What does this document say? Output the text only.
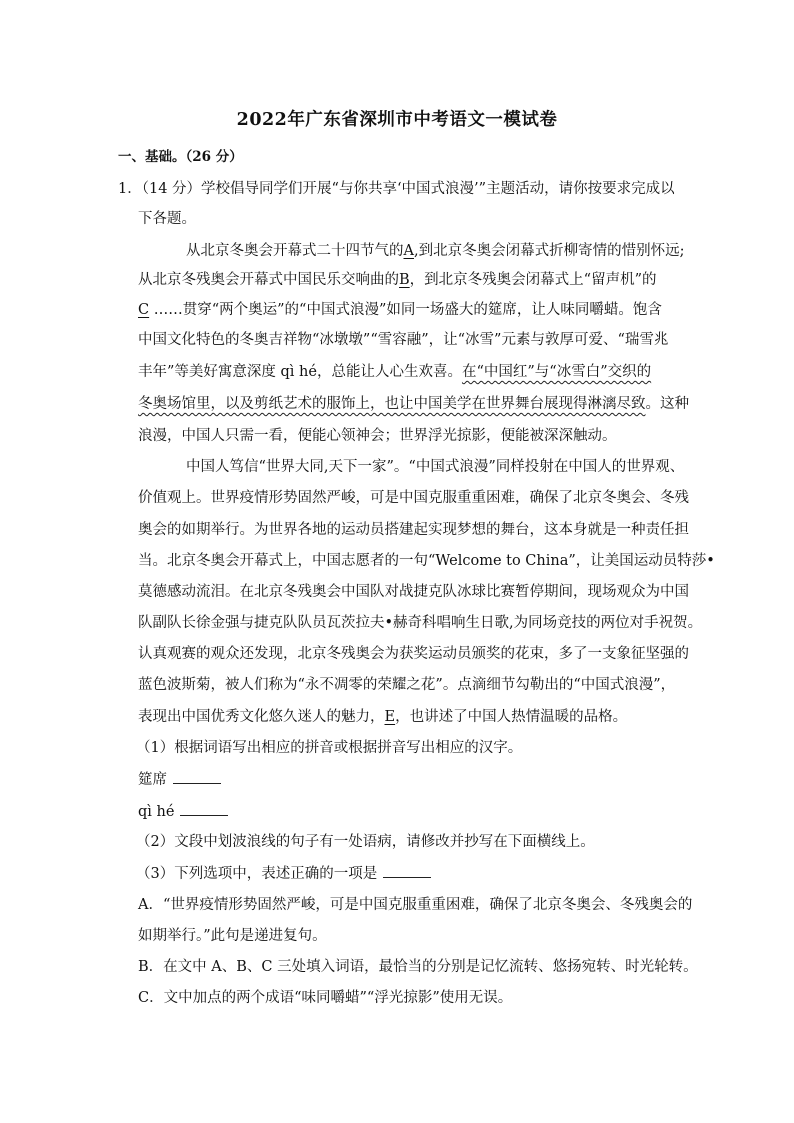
2022年广东省深圳市中考语文一模试卷
一、基础。（26 分）
1．（14 分）学校倡导同学们开展“与你共享‘中国式浪漫’”主题活动，请你按要求完成以
下各题。
从北京冬奥会开幕式二十四节气的A,到北京冬奥会闭幕式折柳寄情的惜别怀远;
从北京冬残奥会开幕式中国民乐交响曲的B，到北京冬残奥会闭幕式上“留声机”的
C ……贯穿“两个奥运”的“中国式浪漫”如同一场盛大的筵席，让人味同嚼蜡。饱含
中国文化特色的冬奥吉祥物“冰墩墩”“雪容融”，让“冰雪”元素与敦厚可爱、“瑞雪兆
丰年”等美好寓意深度 qì hé，总能让人心生欢喜。在“中国红”与“冰雪白”交织的
冬奥场馆里，以及剪纸艺术的服饰上，也让中国美学在世界舞台展现得淋漓尽致。这种
浪漫，中国人只需一看，便能心领神会；世界浮光掠影，便能被深深触动。
中国人笃信“世界大同,天下一家”。“中国式浪漫”同样投射在中国人的世界观、
价值观上。世界疫情形势固然严峻，可是中国克服重重困难，确保了北京冬奥会、冬残
奥会的如期举行。为世界各地的运动员搭建起实现梦想的舞台，这本身就是一种责任担
当。北京冬奥会开幕式上，中国志愿者的一句“Welcome to China”，让美国运动员特莎•
莫德感动流泪。在北京冬残奥会中国队对战捷克队冰球比赛暂停期间，现场观众为中国
队副队长徐金强与捷克队队员瓦茨拉夫•赫奇科唱响生日歌,为同场竞技的两位对手祝贺。
认真观赛的观众还发现，北京冬残奥会为获奖运动员颁奖的花束，多了一支象征坚强的
蓝色波斯菊，被人们称为“永不凋零的荣耀之花”。点滴细节勾勒出的“中国式浪漫”，
表现出中国优秀文化悠久迷人的魅力，E，也讲述了中国人热情温暖的品格。
（1）根据词语写出相应的拼音或根据拼音写出相应的汉字。
筵席
qì hé
（2）文段中划波浪线的句子有一处语病，请修改并抄写在下面横线上。
（3）下列选项中，表述正确的一项是
A．“世界疫情形势固然严峻，可是中国克服重重困难，确保了北京冬奥会、冬残奥会的
如期举行。”此句是递进复句。
B．在文中 A、B、C 三处填入词语，最恰当的分别是记忆流转、悠扬宛转、时光轮转。
C．文中加点的两个成语“味同嚼蜡”“浮光掠影”使用无误。
